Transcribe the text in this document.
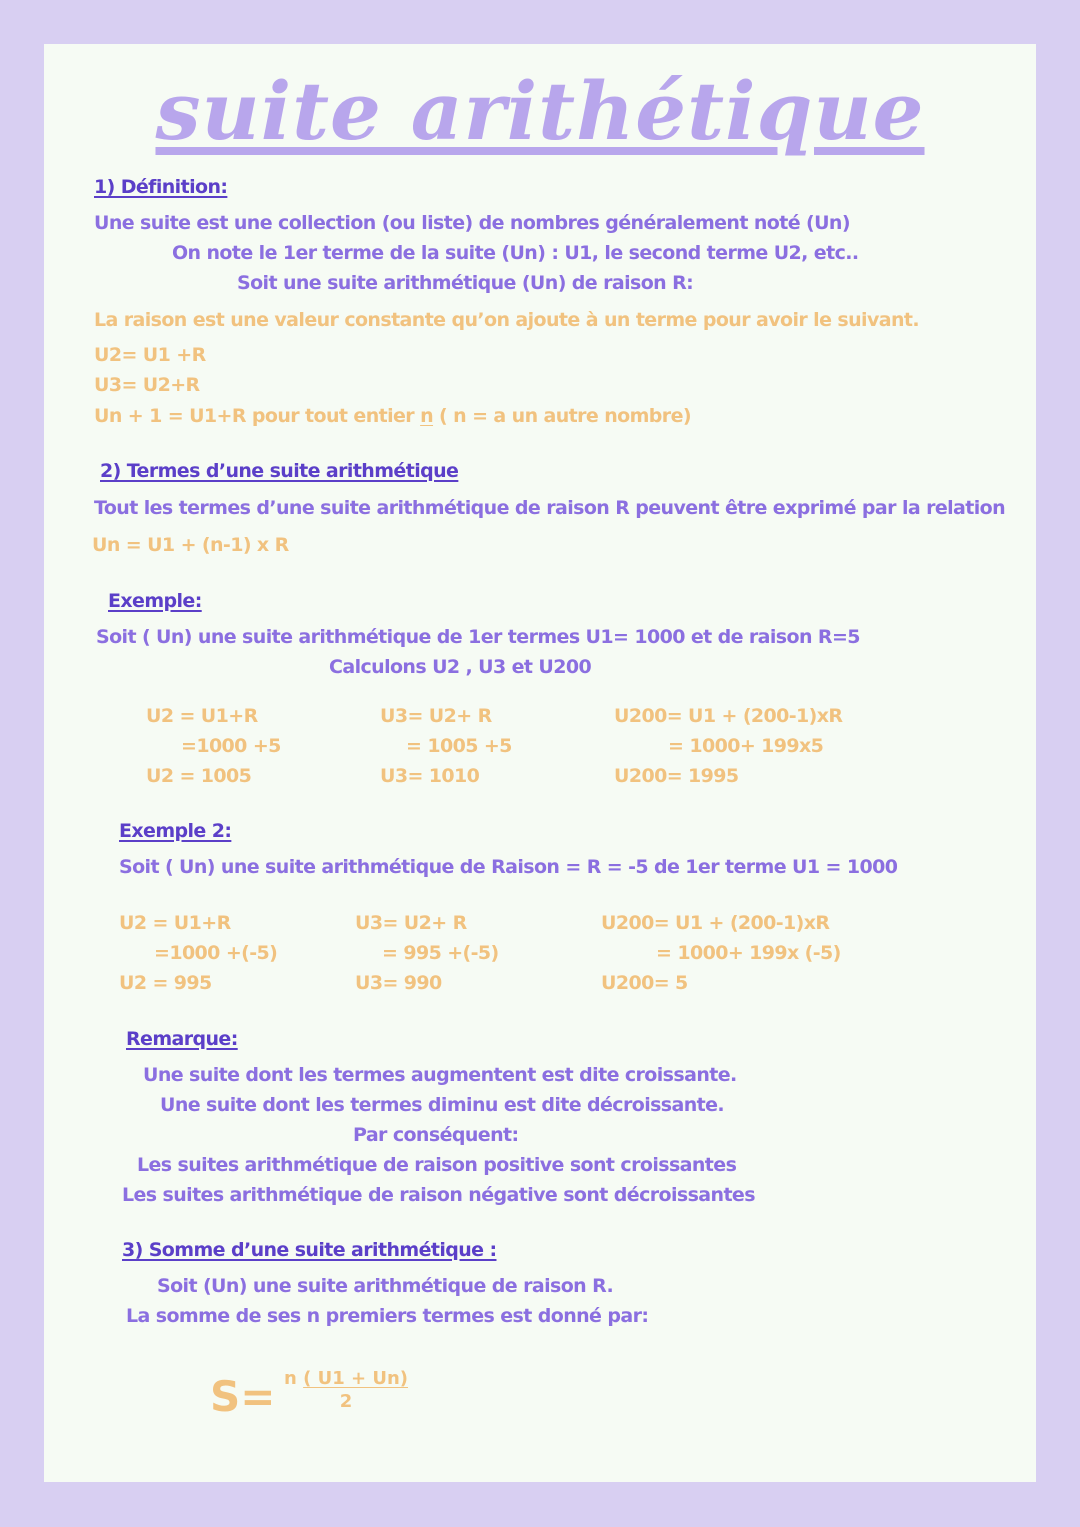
suite arithétique
1) Définition:
Une suite est une collection (ou liste) de nombres généralement noté (Un)
On note le 1er terme de la suite (Un) : U1, le second terme U2, etc..
Soit une suite arithmétique (Un) de raison R:
La raison est une valeur constante qu’on ajoute à un terme pour avoir le suivant.
U2= U1 +R
U3= U2+R
Un + 1 = U1+R pour tout entier n ( n = a un autre nombre)
2) Termes d’une suite arithmétique
Tout les termes d’une suite arithmétique de raison R peuvent être exprimé par la relation
Un = U1 + (n-1) x R
Exemple:
Soit ( Un) une suite arithmétique de 1er termes U1= 1000 et de raison R=5
Calculons U2 , U3 et U200
U2 = U1+R
=1000 +5
U2 = 1005
U3= U2+ R
= 1005 +5
U3= 1010
U200= U1 + (200-1)xR
= 1000+ 199x5
U200= 1995
Exemple 2:
Soit ( Un) une suite arithmétique de Raison = R = -5 de 1er terme U1 = 1000
U2 = U1+R
=1000 +(-5)
U2 = 995
U3= U2+ R
= 995 +(-5)
U3= 990
U200= U1 + (200-1)xR
= 1000+ 199x (-5)
U200= 5
Remarque:
Une suite dont les termes augmentent est dite croissante.
Une suite dont les termes diminu est dite décroissante.
Par conséquent:
Les suites arithmétique de raison positive sont croissantes
Les suites arithmétique de raison négative sont décroissantes
3) Somme d’une suite arithmétique :
Soit (Un) une suite arithmétique de raison R.
La somme de ses n premiers termes est donné par:
S= n ( U1 + Un)
2
